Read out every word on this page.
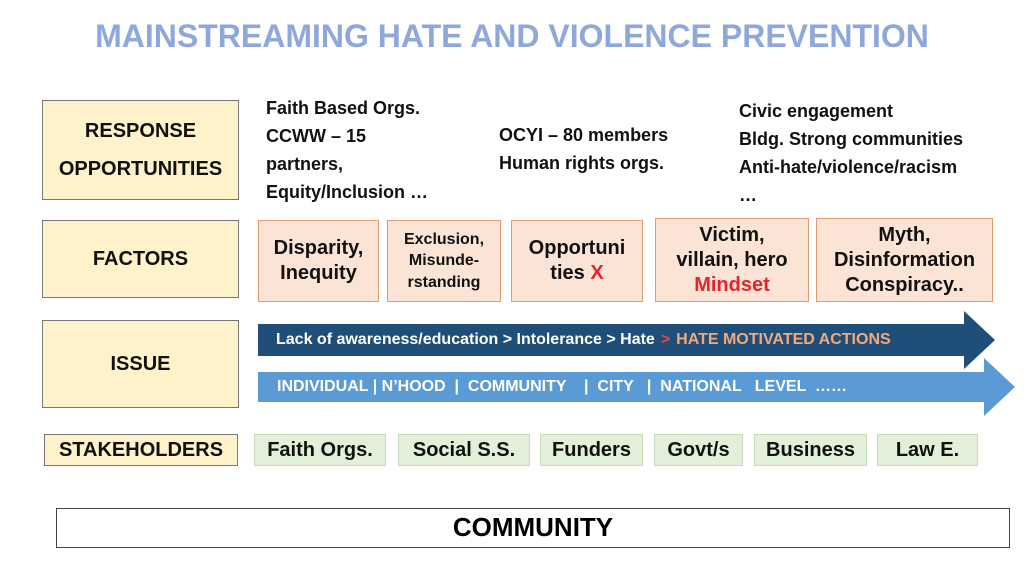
MAINSTREAMING HATE AND VIOLENCE PREVENTION
RESPONSE
OPPORTUNITIES
FACTORS
ISSUE
STAKEHOLDERS
Faith Based Orgs.
CCWW – 15
partners,
Equity/Inclusion …
OCYI – 80 members
Human rights orgs.
Civic engagement
Bldg. Strong communities
Anti-hate/violence/racism
…
Disparity,
Inequity
Exclusion,
Misunde-
rstanding
Opportuni
ties X
Victim,
villain, hero
Mindset
Myth,
Disinformation
Conspiracy..
Lack of awareness/education > Intolerance > Hate > HATE MOTIVATED ACTIONS
INDIVIDUAL | N’HOOD  |  COMMUNITY    |  CITY   |  NATIONAL   LEVEL  ……
Faith Orgs.	Social S.S.	Funders	Govt/s	Business	Law E.
COMMUNITY
